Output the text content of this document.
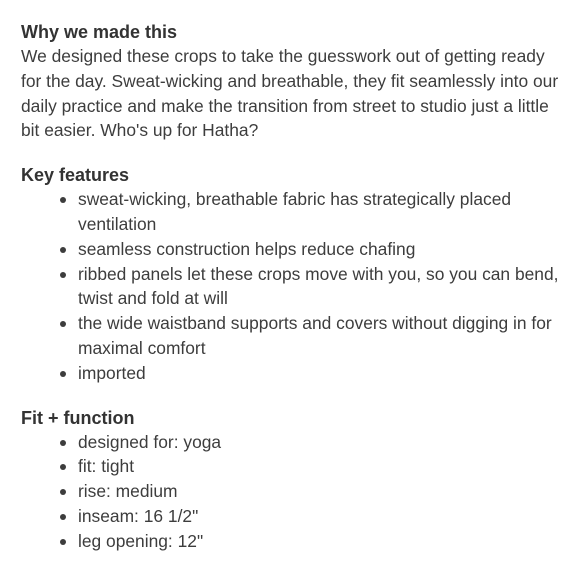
Why we made this

We designed these crops to take the guesswork out of getting ready for the day. Sweat-wicking and breathable, they fit seamlessly into our daily practice and make the transition from street to studio just a little bit easier. Who's up for Hatha?

Key features
sweat-wicking, breathable fabric has strategically placed ventilation
seamless construction helps reduce chafing
ribbed panels let these crops move with you, so you can bend, twist and fold at will
the wide waistband supports and covers without digging in for maximal comfort
imported
Fit + function
designed for: yoga
fit: tight
rise: medium
inseam: 16 1/2"
leg opening: 12"
